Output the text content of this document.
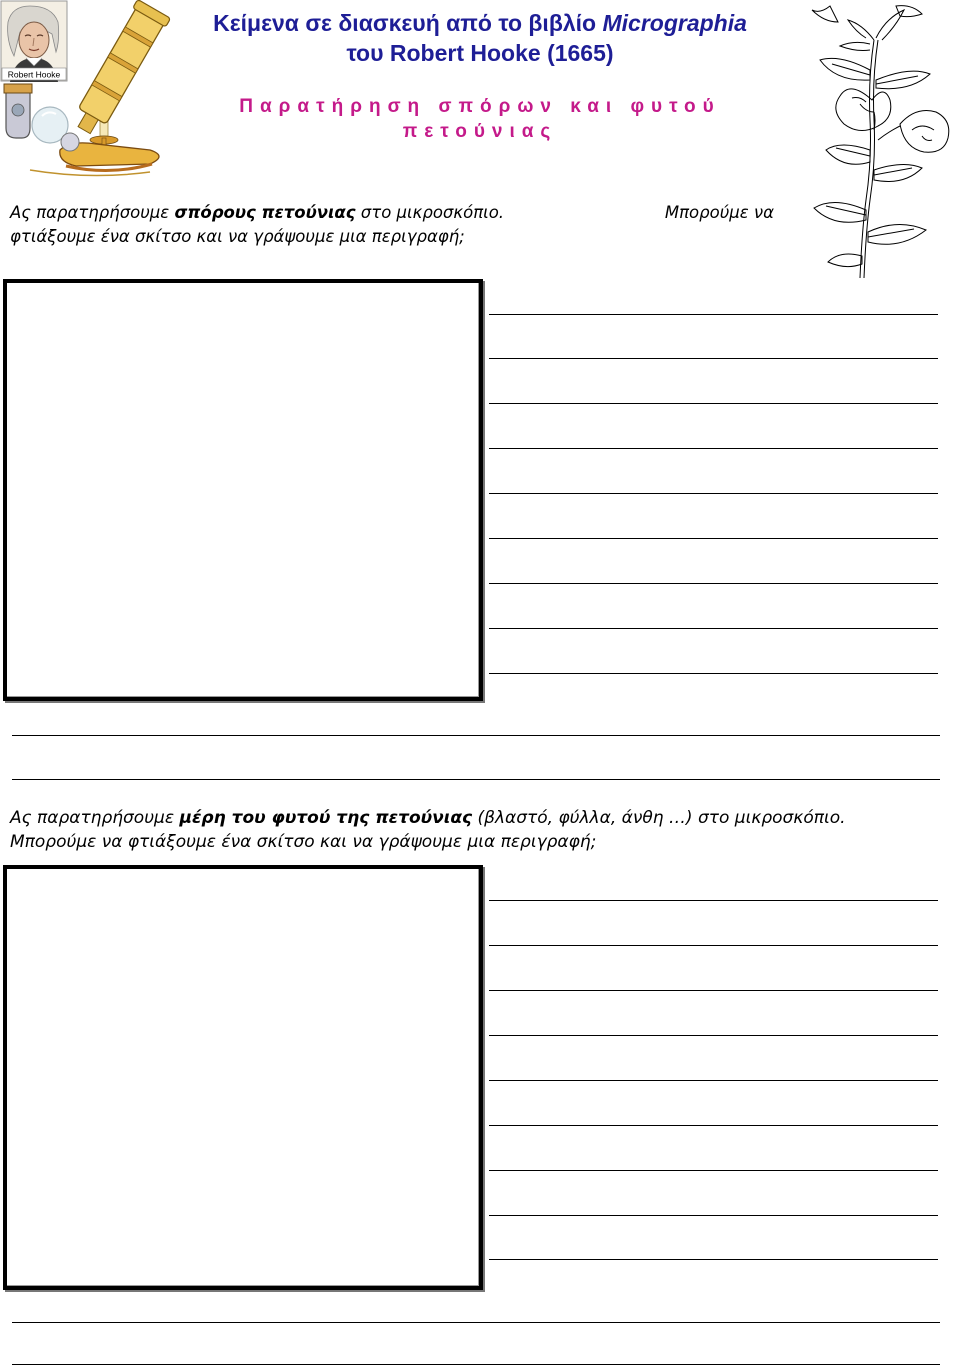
Robert Hooke
Κείμενα σε διασκευή από το βιβλίο Micrographia
του Robert Hooke (1665)
Παρατήρηση σπόρων και φυτού
πετούνιας
Ας παρατηρήσουμε σπόρους πετούνιας στο μικροσκόπιο.	Μπορούμε να
φτιάξουμε ένα σκίτσο και να γράψουμε μια περιγραφή;
Ας παρατηρήσουμε μέρη του φυτού της πετούνιας (βλαστό, φύλλα, άνθη …) στο μικροσκόπιο.
Μπορούμε να φτιάξουμε ένα σκίτσο και να γράψουμε μια περιγραφή;
